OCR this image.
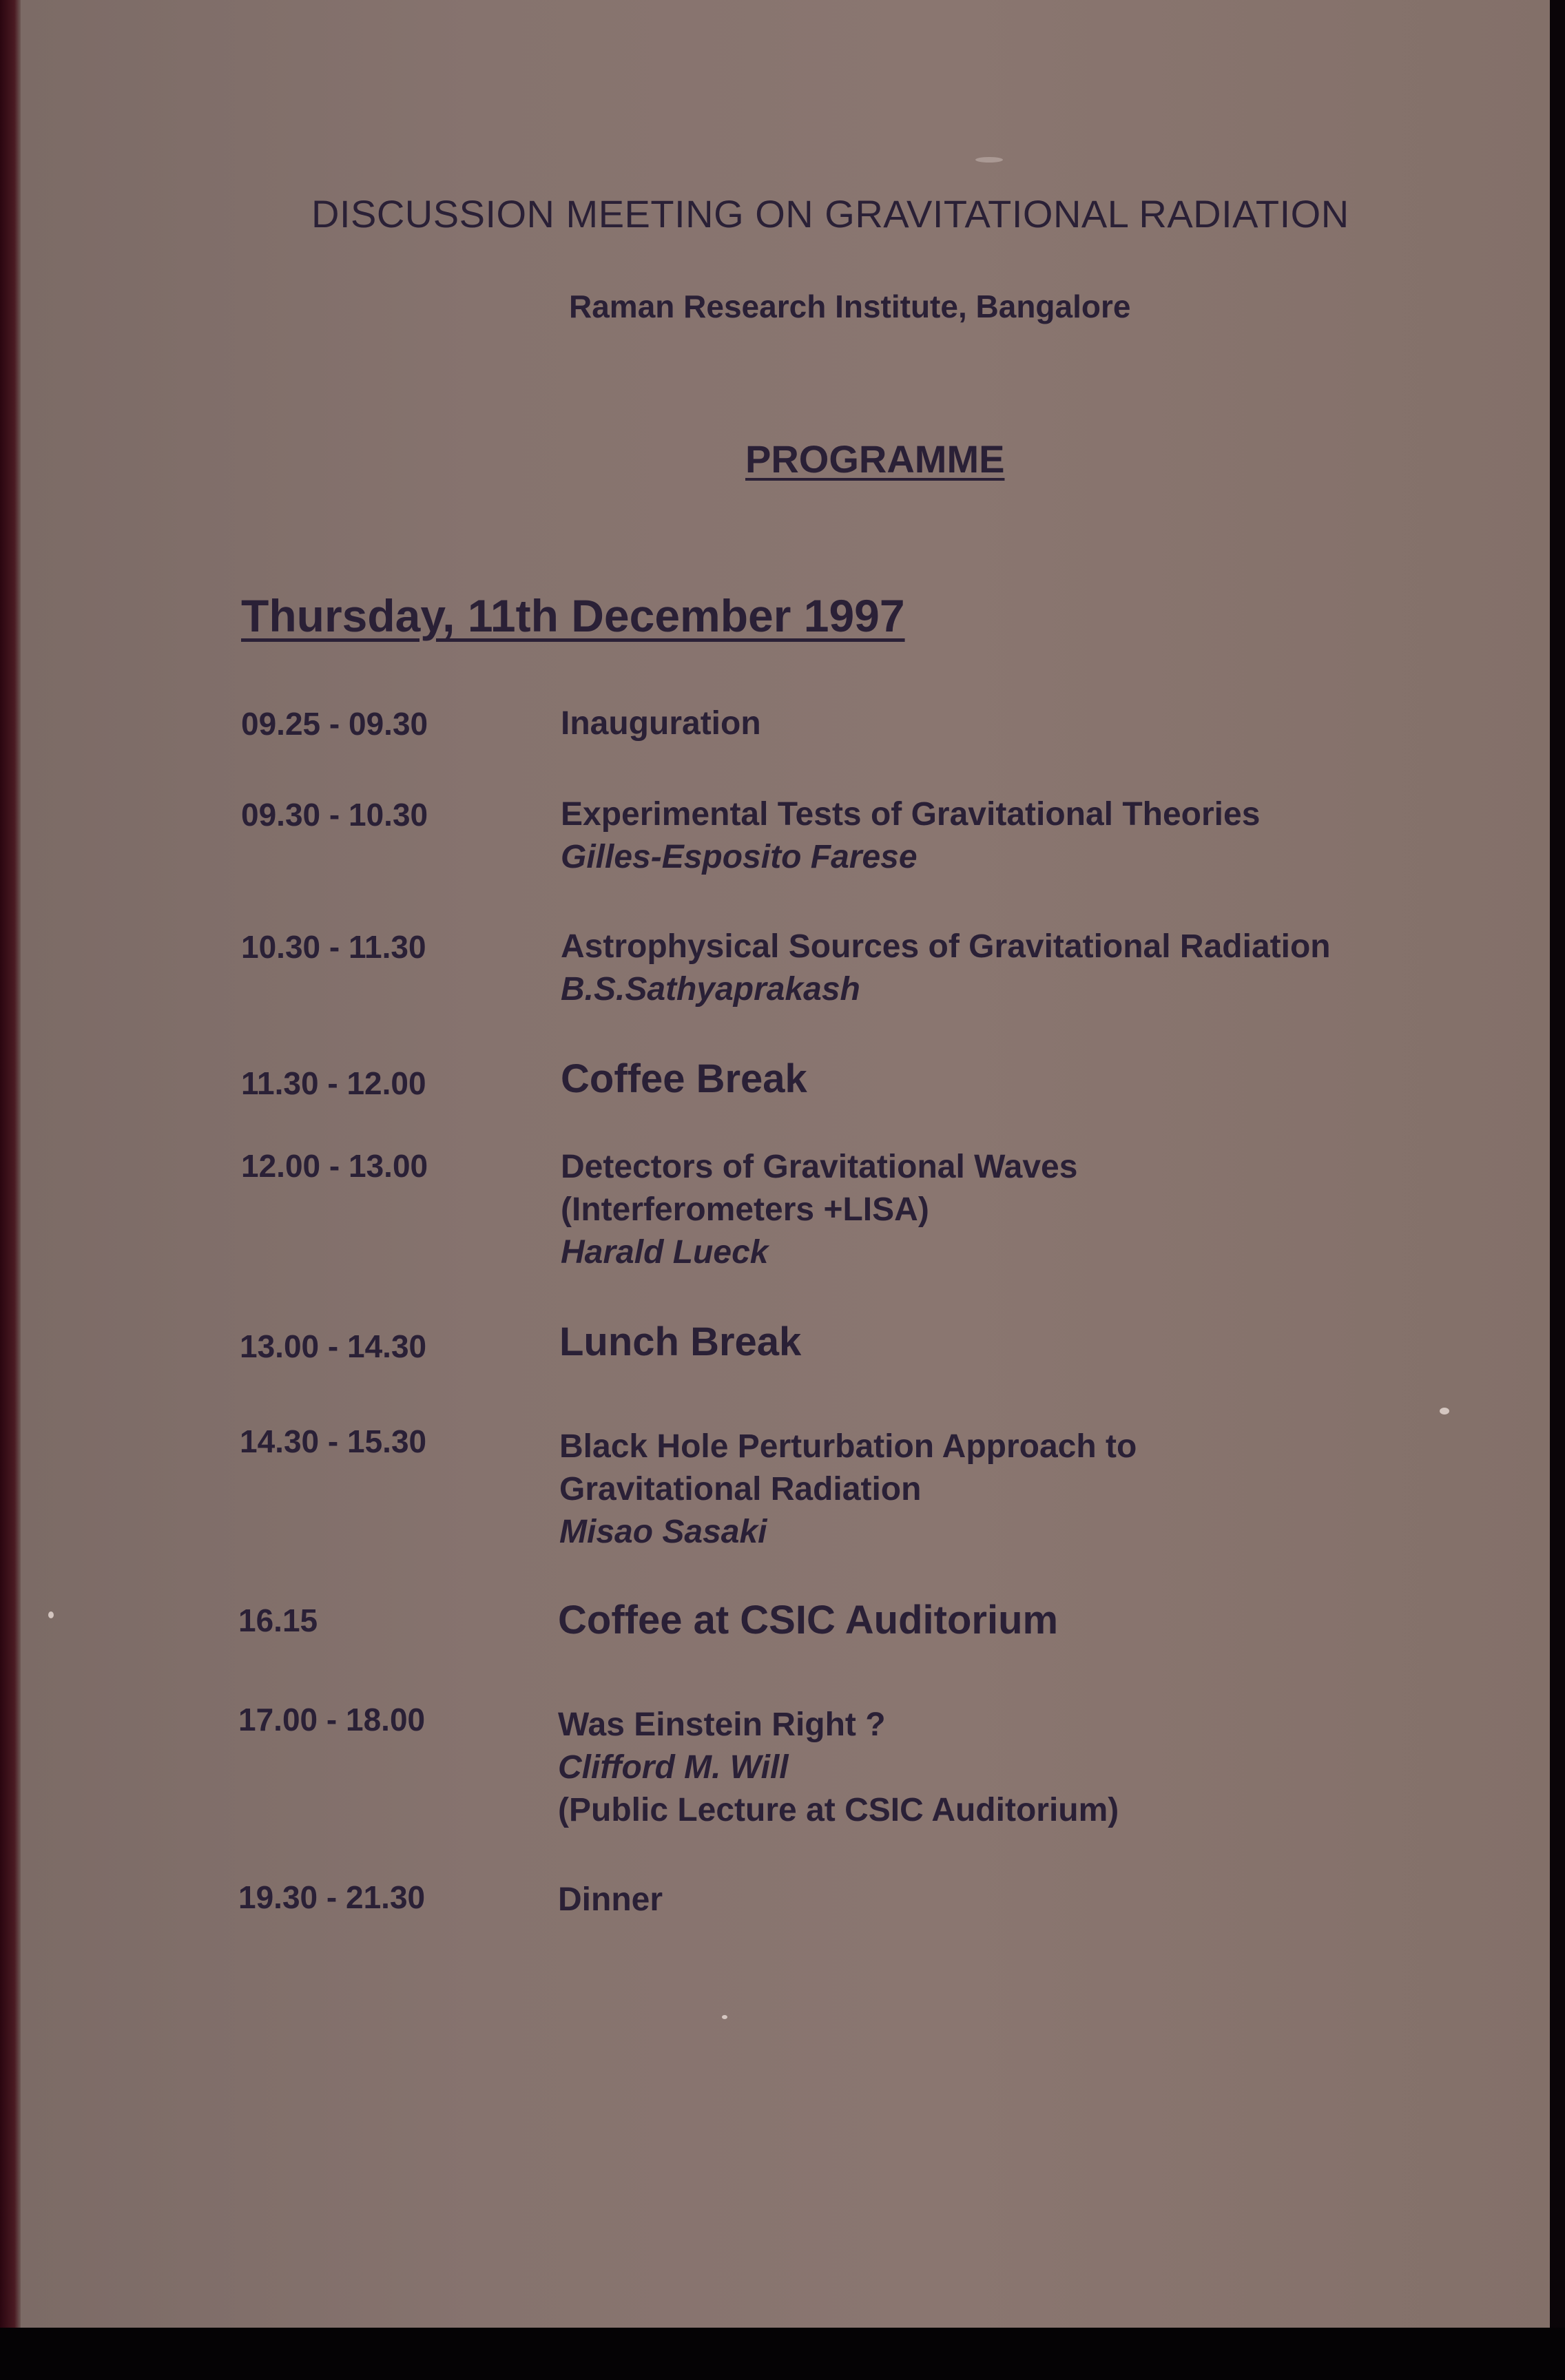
DISCUSSION MEETING ON GRAVITATIONAL RADIATION

Raman Research Institute, Bangalore

PROGRAMME

Thursday, 11th December 1997

09.25 - 09.30	Inauguration
09.30 - 10.30	Experimental Tests of Gravitational Theories
Gilles-Esposito Farese
10.30 - 11.30	Astrophysical Sources of Gravitational Radiation
B.S.Sathyaprakash
11.30 - 12.00	Coffee Break
12.00 - 13.00	Detectors of Gravitational Waves
(Interferometers +LISA)
Harald Lueck
13.00 - 14.30	Lunch Break
14.30 - 15.30	Black Hole Perturbation Approach to
Gravitational Radiation
Misao Sasaki
16.15	Coffee at CSIC Auditorium
17.00 - 18.00	Was Einstein Right ?
Clifford M. Will
(Public Lecture at CSIC Auditorium)
19.30 - 21.30	Dinner
